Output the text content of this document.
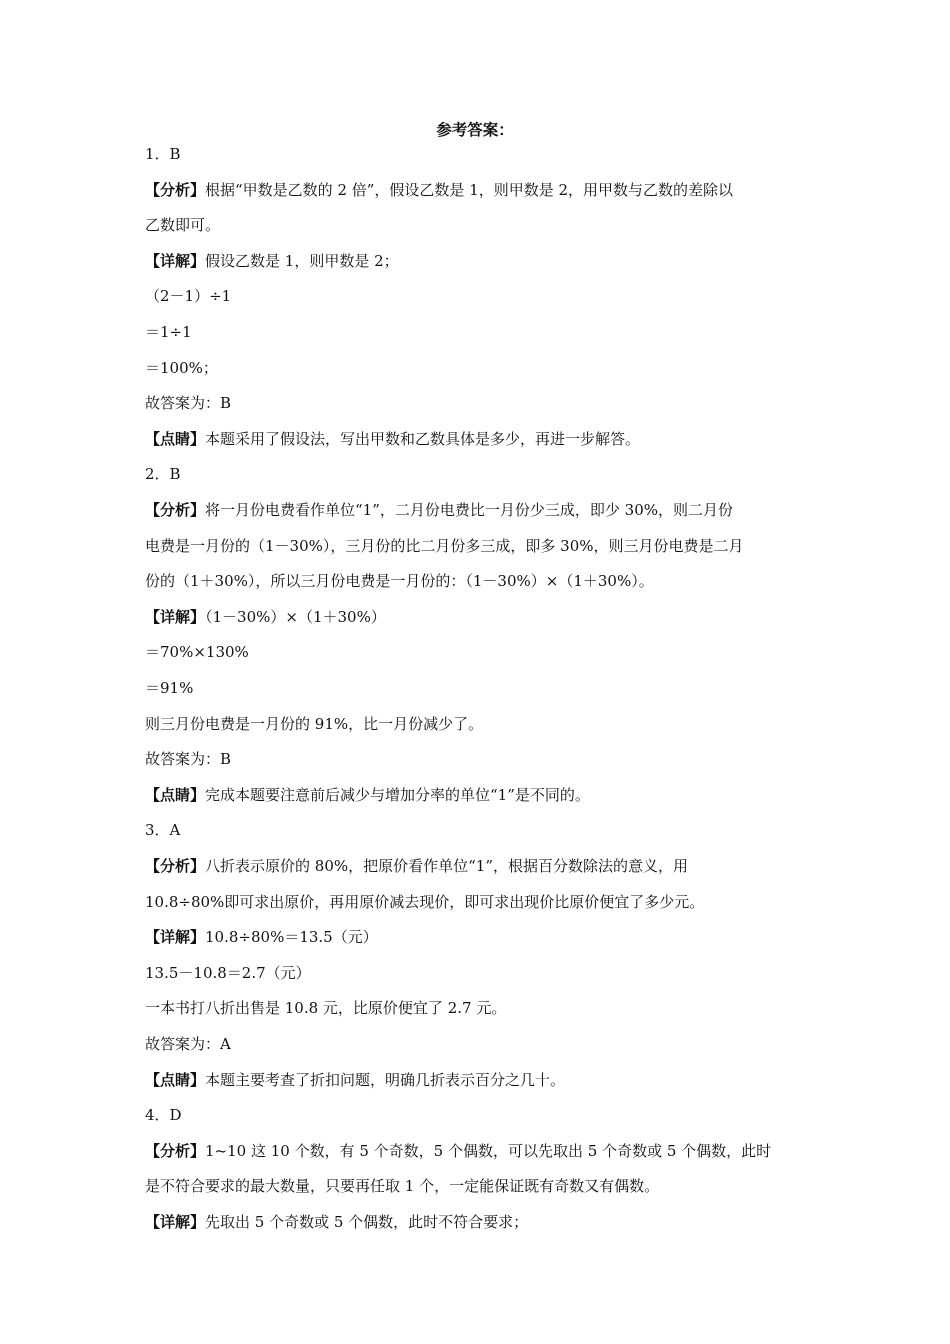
参考答案：
1．B
【分析】根据“甲数是乙数的 2 倍”，假设乙数是 1，则甲数是 2，用甲数与乙数的差除以
乙数即可。
【详解】假设乙数是 1，则甲数是 2；
（2－1）÷1
＝1÷1
＝100%；
故答案为：B
【点睛】本题采用了假设法，写出甲数和乙数具体是多少，再进一步解答。
2．B
【分析】将一月份电费看作单位“1”，二月份电费比一月份少三成，即少 30%，则二月份
电费是一月份的（1－30%），三月份的比二月份多三成，即多 30%，则三月份电费是二月
份的（1＋30%），所以三月份电费是一月份的：（1－30%）×（1＋30%）。
【详解】（1－30%）×（1＋30%）
＝70%×130%
＝91%
则三月份电费是一月份的 91%，比一月份减少了。
故答案为：B
【点睛】完成本题要注意前后减少与增加分率的单位“1”是不同的。
3．A
【分析】八折表示原价的 80%，把原价看作单位“1”，根据百分数除法的意义，用
10.8÷80%即可求出原价，再用原价减去现价，即可求出现价比原价便宜了多少元。
【详解】10.8÷80%＝13.5（元）
13.5－10.8＝2.7（元）
一本书打八折出售是 10.8 元，比原价便宜了 2.7 元。
故答案为：A
【点睛】本题主要考查了折扣问题，明确几折表示百分之几十。
4．D
【分析】1~10 这 10 个数，有 5 个奇数，5 个偶数，可以先取出 5 个奇数或 5 个偶数，此时
是不符合要求的最大数量，只要再任取 1 个，一定能保证既有奇数又有偶数。
【详解】先取出 5 个奇数或 5 个偶数，此时不符合要求；
